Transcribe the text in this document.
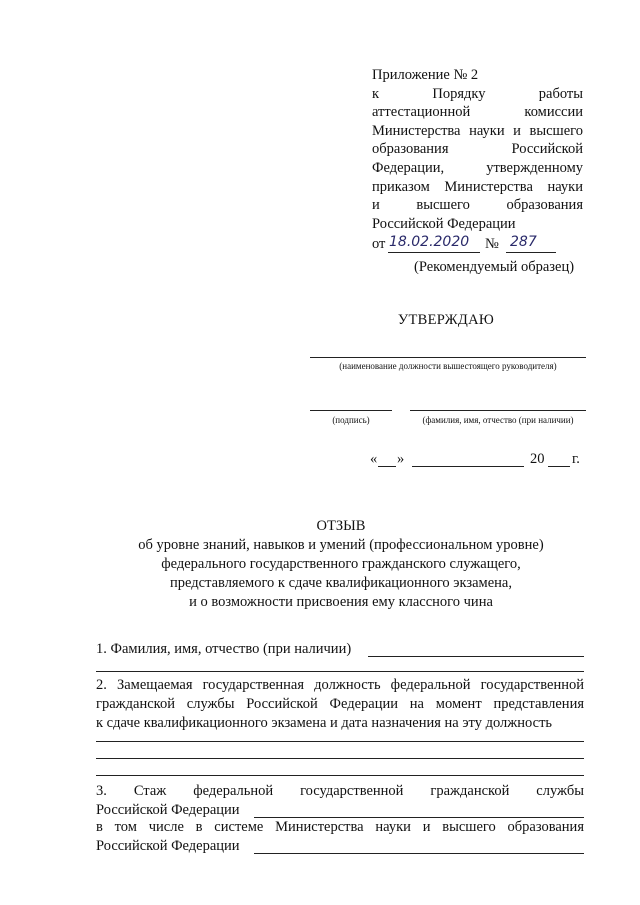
Приложение № 2
к Порядку работы
аттестационной комиссии
Министерства науки и высшего
образования Российской
Федерации, утвержденному
приказом Министерства науки
и высшего образования
Российской Федерации
от 18.02.2020 № 287
(Рекомендуемый образец)
УТВЕРЖДАЮ
(наименование должности вышестоящего руководителя)
(подпись)	(фамилия, имя, отчество (при наличии)
« »	20 г.
ОТЗЫВ
об уровне знаний, навыков и умений (профессиональном уровне)
федерального государственного гражданского служащего,
представляемого к сдаче квалификационного экзамена,
и о возможности присвоения ему классного чина
1. Фамилия, имя, отчество (при наличии)
2. Замещаемая государственная должность федеральной государственной
гражданской службы Российской Федерации на момент представления
к сдаче квалификационного экзамена и дата назначения на эту должность
3. Стаж федеральной государственной гражданской службы
Российской Федерации
в том числе в системе Министерства науки и высшего образования
Российской Федерации
